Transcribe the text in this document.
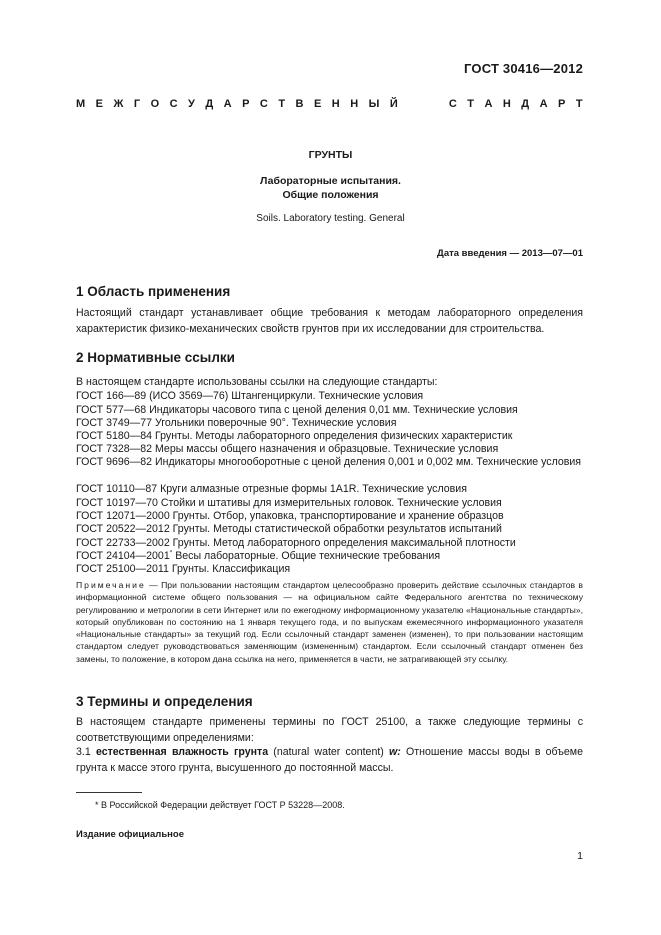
ГОСТ 30416—2012
М Е Ж Г О С У Д А Р С Т В Е Н Н Ы Й

	С Т А Н Д А Р Т
ГРУНТЫ
Лабораторные испытания.
Общие положения
Soils. Laboratory testing. General
Дата введения — 2013—07—01
1 Область применения
Настоящий стандарт устанавливает общие требования к методам лабораторного определения характеристик физико-механических свойств грунтов при их исследовании для строительства.
2 Нормативные ссылки
В настоящем стандарте использованы ссылки на следующие стандарты:
ГОСТ 166—89 (ИСО 3569—76) Штангенциркули. Технические условия
ГОСТ 577—68 Индикаторы часового типа с ценой деления 0,01 мм. Технические условия
ГОСТ 3749—77 Угольники поверочные 90°. Технические условия
ГОСТ 5180—84 Грунты. Методы лабораторного определения физических характеристик
ГОСТ 7328—82 Меры массы общего назначения и образцовые. Технические условия
ГОСТ 9696—82 Индикаторы многооборотные с ценой деления 0,001 и 0,002 мм. Технические условия
ГОСТ 10110—87 Круги алмазные отрезные формы 1А1R. Технические условия
ГОСТ 10197—70 Стойки и штативы для измерительных головок. Технические условия
ГОСТ 12071—2000 Грунты. Отбор, упаковка, транспортирование и хранение образцов
ГОСТ 20522—2012 Грунты. Методы статистической обработки результатов испытаний
ГОСТ 22733—2002 Грунты. Метод лабораторного определения максимальной плотности
ГОСТ 24104—2001* Весы лабораторные. Общие технические требования
ГОСТ 25100—2011 Грунты. Классификация
Примечание — При пользовании настоящим стандартом целесообразно проверить действие ссылочных стандартов в информационной системе общего пользования — на официальном сайте Федерального агентства по техническому регулированию и метрологии в сети Интернет или по ежегодному информационному указателю «Национальные стандарты», который опубликован по состоянию на 1 января текущего года, и по выпускам ежемесячного информационного указателя «Национальные стандарты» за текущий год. Если ссылочный стандарт заменен (изменен), то при пользовании настоящим стандартом следует руководствоваться заменяющим (измененным) стандартом. Если ссылочный стандарт отменен без замены, то положение, в котором дана ссылка на него, применяется в части, не затрагивающей эту ссылку.
3 Термины и определения
В настоящем стандарте применены термины по ГОСТ 25100, а также следующие термины с соответствующими определениями:
3.1 естественная влажность грунта (natural water content) w: Отношение массы воды в объеме грунта к массе этого грунта, высушенного до постоянной массы.
* В Российской Федерации действует ГОСТ Р 53228—2008.
Издание официальное
1
